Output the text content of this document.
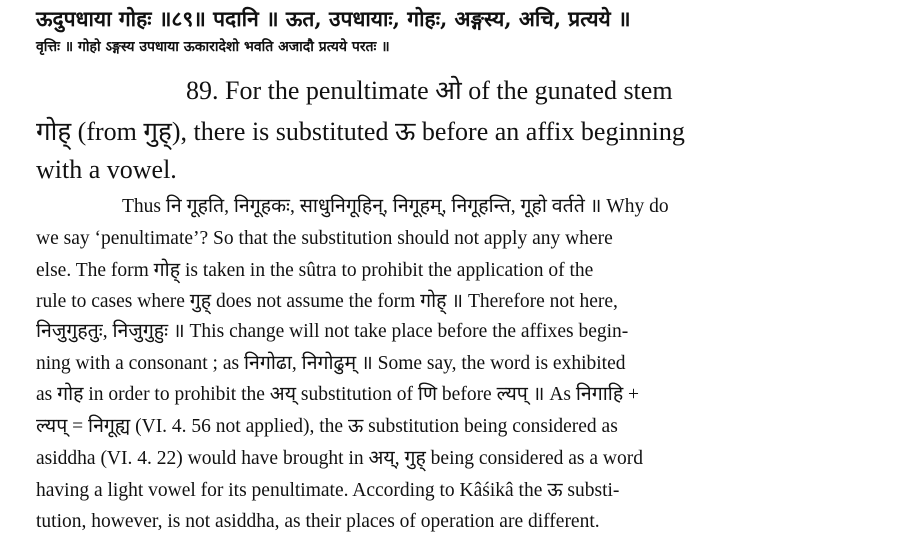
ऊदुपधाया गोहः ॥८९॥ पदानि ॥ ऊत, उपधायाः, गोहः, अङ्गस्य, अचि, प्रत्यये ॥
वृत्तिः ॥ गोहो ऽङ्गस्य उपधाया ऊकारादेशो भवति अजादौ प्रत्यये परतः ॥
89. For the penultimate ओ of the gunated stem
गोह् (from गुह्), there is substituted ऊ before an affix beginning
with a vowel.
Thus नि गूहति, निगूहकः, साधुनिगूहिन्, निगूहम्, निगूहन्ति, गूहो वर्तते ॥ Why do
we say ‘penultimate’? So that the substitution should not apply any where
else. The form गोह् is taken in the sûtra to prohibit the application of the
rule to cases where गुह् does not assume the form गोह् ॥ Therefore not here,
निजुगुहतुः, निजुगुहुः ॥ This change will not take place before the affixes begin-
ning with a consonant ; as निगोढा, निगोढुम् ॥ Some say, the word is exhibited
as गोह in order to prohibit the अय् substitution of णि before ल्यप् ॥ As निगाहि +
ल्यप् = निगूह्य (VI. 4. 56 not applied), the ऊ substitution being considered as
asiddha (VI. 4. 22) would have brought in अय्, गुह् being considered as a word
having a light vowel for its penultimate. According to Kâśikâ the ऊ substi-
tution, however, is not asiddha, as their places of operation are different.
